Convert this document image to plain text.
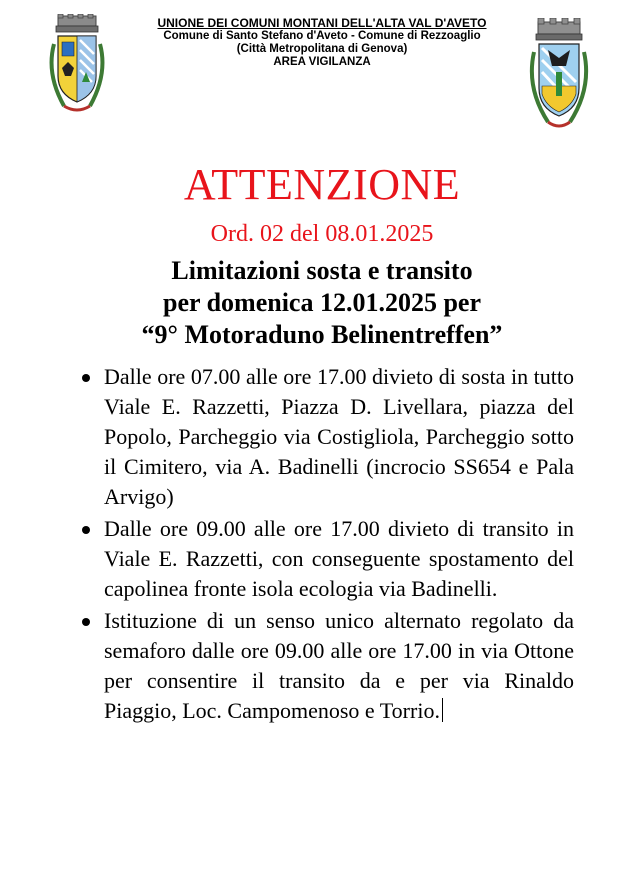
UNIONE DEI COMUNI MONTANI DELL'ALTA VAL D'AVETO
Comune di Santo Stefano d'Aveto - Comune di Rezzoaglio
(Città Metropolitana di Genova)
AREA VIGILANZA
ATTENZIONE
Ord. 02 del 08.01.2025
Limitazioni sosta e transito
per domenica 12.01.2025 per
“9° Motoraduno Belinentreffen”
Dalle ore 07.00 alle ore 17.00 divieto di sosta in tutto Viale E. Razzetti, Piazza D. Livellara, piazza del Popolo, Parcheggio via Costigliola, Parcheggio sotto il Cimitero, via A. Badinelli (incrocio SS654 e Pala Arvigo)
Dalle ore 09.00 alle ore 17.00 divieto di transito in Viale E. Razzetti, con conseguente spostamento del capolinea fronte isola ecologia via Badinelli.
Istituzione di un senso unico alternato regolato da semaforo dalle ore 09.00 alle ore 17.00 in via Ottone per consentire il transito da e per via Rinaldo Piaggio, Loc. Campomenoso e Torrio.
